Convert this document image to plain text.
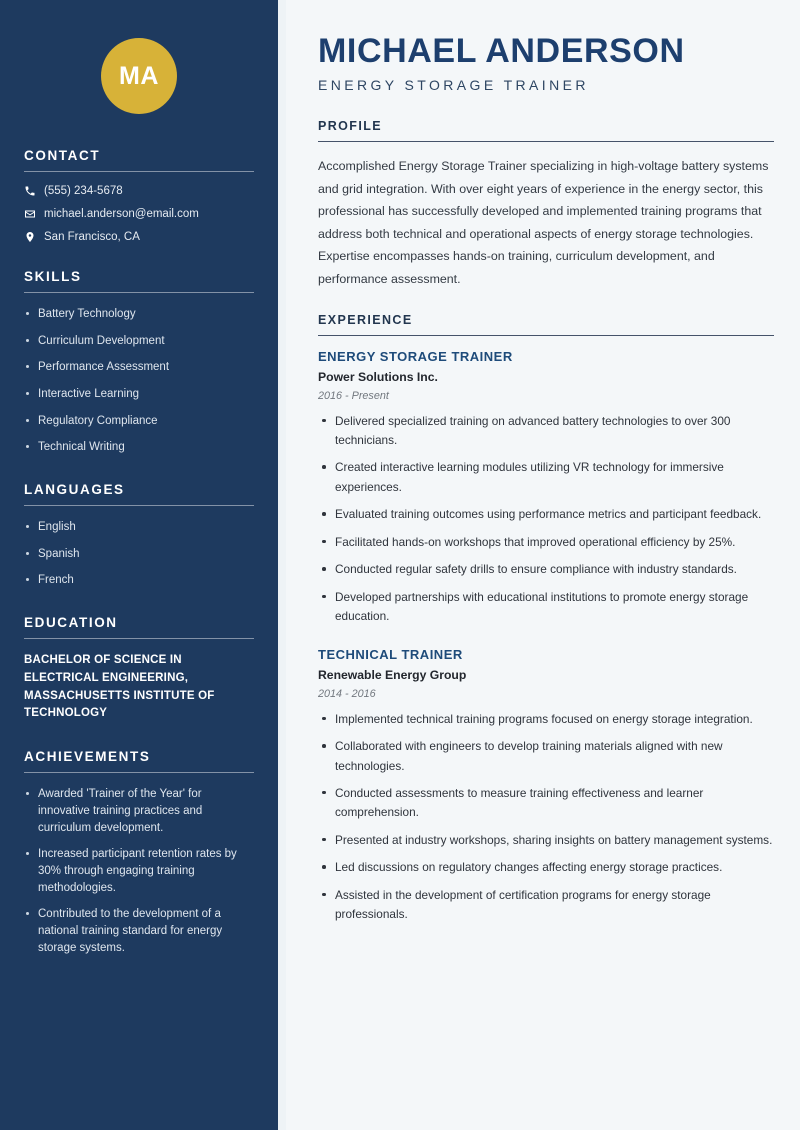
MA
CONTACT
(555) 234-5678
michael.anderson@email.com
San Francisco, CA
SKILLS
Battery Technology
Curriculum Development
Performance Assessment
Interactive Learning
Regulatory Compliance
Technical Writing
LANGUAGES
English
Spanish
French
EDUCATION
BACHELOR OF SCIENCE IN ELECTRICAL ENGINEERING, MASSACHUSETTS INSTITUTE OF TECHNOLOGY
ACHIEVEMENTS
Awarded 'Trainer of the Year' for innovative training practices and curriculum development.
Increased participant retention rates by 30% through engaging training methodologies.
Contributed to the development of a national training standard for energy storage systems.
MICHAEL ANDERSON
ENERGY STORAGE TRAINER
PROFILE

Accomplished Energy Storage Trainer specializing in high-voltage battery systems and grid integration. With over eight years of experience in the energy sector, this professional has successfully developed and implemented training programs that address both technical and operational aspects of energy storage technologies. Expertise encompasses hands-on training, curriculum development, and performance assessment.

EXPERIENCE
ENERGY STORAGE TRAINER
Power Solutions Inc.
2016 - Present
Delivered specialized training on advanced battery technologies to over 300 technicians.
Created interactive learning modules utilizing VR technology for immersive experiences.
Evaluated training outcomes using performance metrics and participant feedback.
Facilitated hands-on workshops that improved operational efficiency by 25%.
Conducted regular safety drills to ensure compliance with industry standards.
Developed partnerships with educational institutions to promote energy storage education.
TECHNICAL TRAINER
Renewable Energy Group
2014 - 2016
Implemented technical training programs focused on energy storage integration.
Collaborated with engineers to develop training materials aligned with new technologies.
Conducted assessments to measure training effectiveness and learner comprehension.
Presented at industry workshops, sharing insights on battery management systems.
Led discussions on regulatory changes affecting energy storage practices.
Assisted in the development of certification programs for energy storage professionals.
